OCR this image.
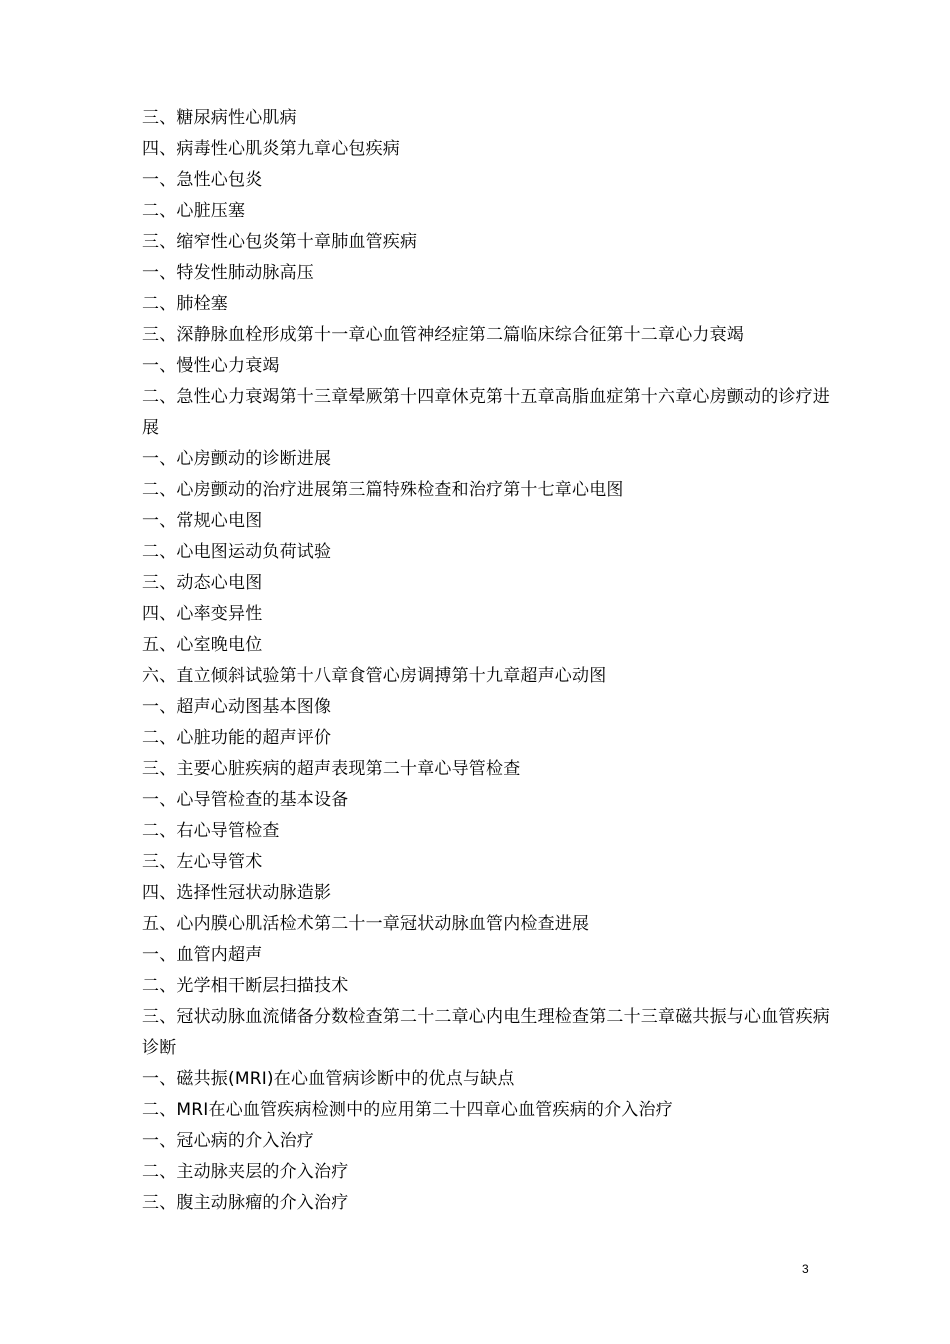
三、糖尿病性心肌病
四、病毒性心肌炎第九章心包疾病
一、急性心包炎
二、心脏压塞
三、缩窄性心包炎第十章肺血管疾病
一、特发性肺动脉高压
二、肺栓塞
三、深静脉血栓形成第十一章心血管神经症第二篇临床综合征第十二章心力衰竭
一、慢性心力衰竭
二、急性心力衰竭第十三章晕厥第十四章休克第十五章高脂血症第十六章心房颤动的诊疗进展
一、心房颤动的诊断进展
二、心房颤动的治疗进展第三篇特殊检查和治疗第十七章心电图
一、常规心电图
二、心电图运动负荷试验
三、动态心电图
四、心率变异性
五、心室晚电位
六、直立倾斜试验第十八章食管心房调搏第十九章超声心动图
一、超声心动图基本图像
二、心脏功能的超声评价
三、主要心脏疾病的超声表现第二十章心导管检查
一、心导管检查的基本设备
二、右心导管检查
三、左心导管术
四、选择性冠状动脉造影
五、心内膜心肌活检术第二十一章冠状动脉血管内检查进展
一、血管内超声
二、光学相干断层扫描技术
三、冠状动脉血流储备分数检查第二十二章心内电生理检查第二十三章磁共振与心血管疾病诊断
一、磁共振(MRI)在心血管病诊断中的优点与缺点
二、MRI在心血管疾病检测中的应用第二十四章心血管疾病的介入治疗
一、冠心病的介入治疗
二、主动脉夹层的介入治疗
三、腹主动脉瘤的介入治疗
3
